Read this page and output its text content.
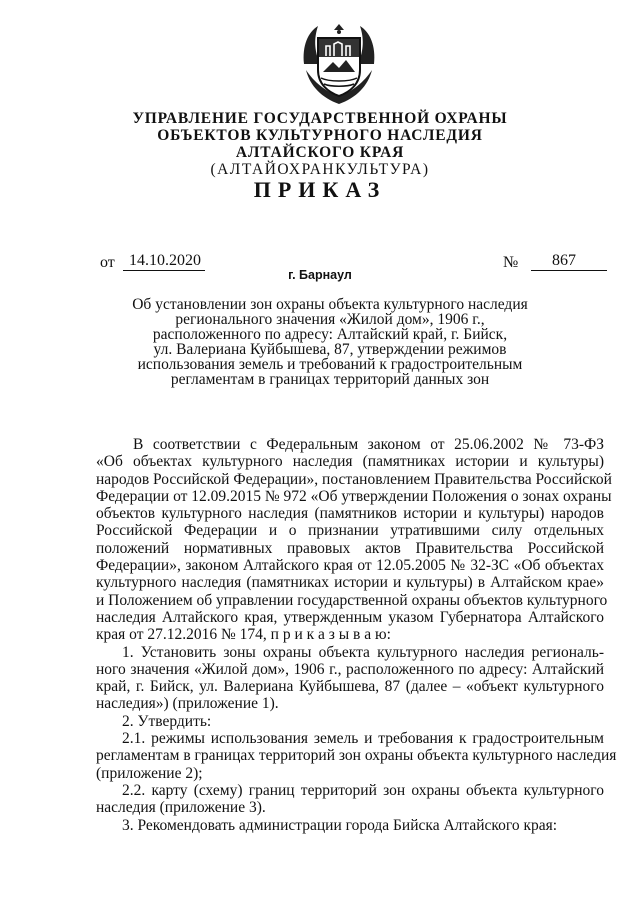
УПРАВЛЕНИЕ ГОСУДАРСТВЕННОЙ ОХРАНЫ
ОБЪЕКТОВ КУЛЬТУРНОГО НАСЛЕДИЯ
АЛТАЙСКОГО КРАЯ
(АЛТАЙОХРАНКУЛЬТУРА)
ПРИКАЗ
от 14.10.2020	№ 867
г. Барнаул
Об установлении зон охраны объекта культурного наследия
регионального значения «Жилой дом», 1906 г.,
расположенного по адресу: Алтайский край, г. Бийск,
ул. Валериана Куйбышева, 87, утверждении режимов
использования земель и требований к градостроительным
регламентам в границах территорий данных зон
В соответствии с Федеральным законом от 25.06.2002 № 73-ФЗ
«Об объектах культурного наследия (памятниках истории и культуры)
народов Российской Федерации», постановлением Правительства Российской
Федерации от 12.09.2015 № 972 «Об утверждении Положения о зонах охраны
объектов культурного наследия (памятников истории и культуры) народов
Российской Федерации и о признании утратившими силу отдельных
положений нормативных правовых актов Правительства Российской
Федерации», законом Алтайского края от 12.05.2005 № 32-ЗС «Об объектах
культурного наследия (памятниках истории и культуры) в Алтайском крае»
и Положением об управлении государственной охраны объектов культурного
наследия Алтайского края, утвержденным указом Губернатора Алтайского
края от 27.12.2016 № 174, п р и к а з ы в а ю:
1. Установить зоны охраны объекта культурного наследия региональ-
ного значения «Жилой дом», 1906 г., расположенного по адресу: Алтайский
край, г. Бийск, ул. Валериана Куйбышева, 87 (далее – «объект культурного
наследия») (приложение 1).
2. Утвердить:
2.1. режимы использования земель и требования к градостроительным
регламентам в границах территорий зон охраны объекта культурного наследия
(приложение 2);
2.2. карту (схему) границ территорий зон охраны объекта культурного
наследия (приложение 3).
3. Рекомендовать администрации города Бийска Алтайского края:
